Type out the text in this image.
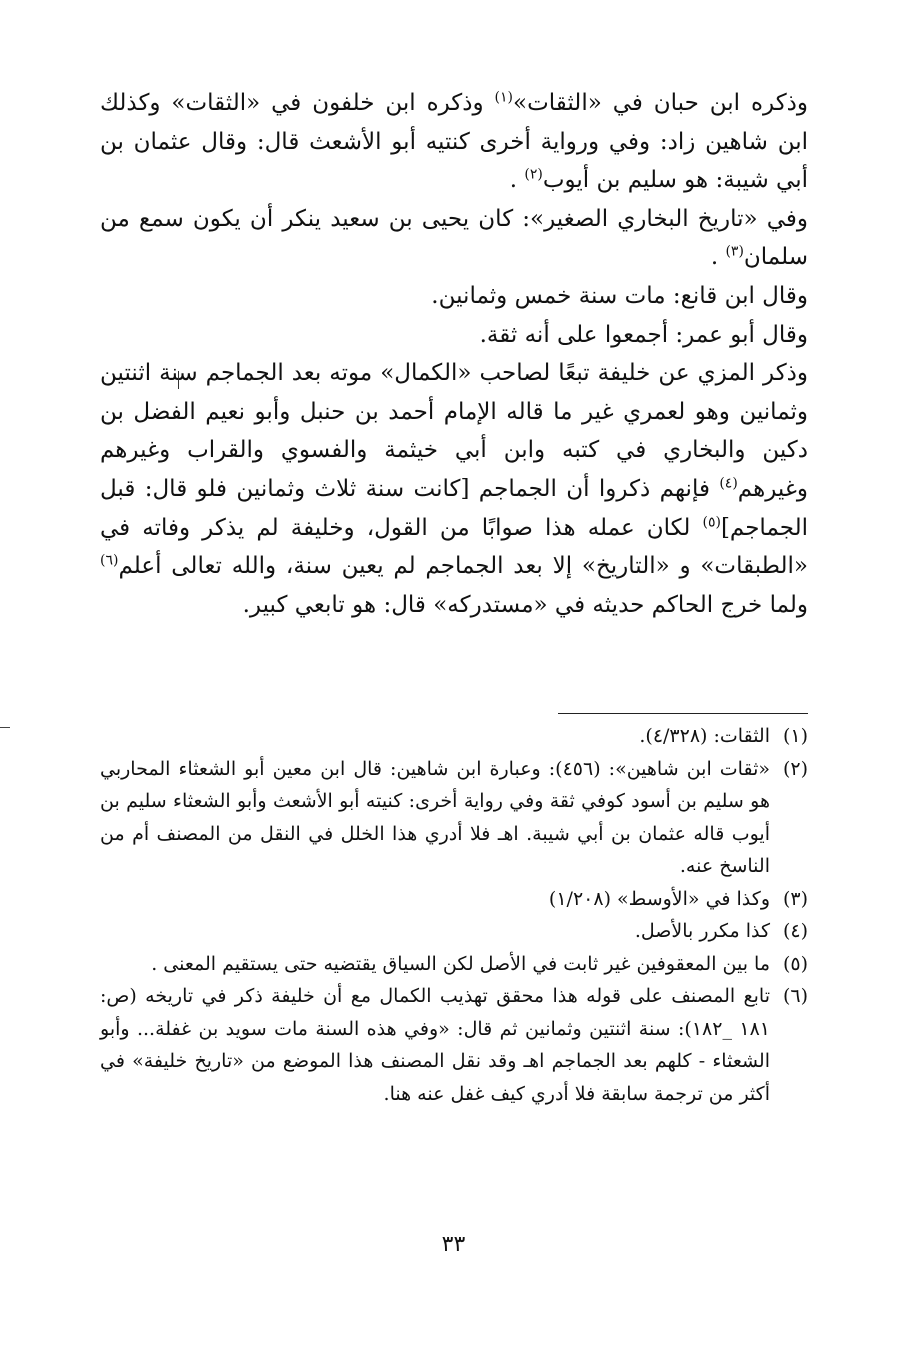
وذكره ابن حبان في «الثقات»$^{(١)}$ وذكره ابن خلفون في «الثقات» وكذلك ابن شاهين زاد: وفي ورواية أخرى كنتيه أبو الأشعث قال: وقال عثمان بن أبي شيبة: هو سليم بن أيوب$^{(٢)}$ .

وفي «تاريخ البخاري الصغير»: كان يحيى بن سعيد ينكر أن يكون سمع من سلمان$^{(٣)}$ .

وقال ابن قانع: مات سنة خمس وثمانين.

وقال أبو عمر: أجمعوا على أنه ثقة.

وذكر المزي عن خليفة تبعًا لصاحب «الكمال» موته بعد الجماجم سنة اثنتين وثمانين وهو لعمري غير ما قاله الإمام أحمد بن حنبل وأبو نعيم الفضل بن دكين والبخاري في كتبه وابن أبي خيثمة والفسوي والقراب وغيرهم وغيرهم$^{(٤)}$ فإنهم ذكروا أن الجماجم [كانت سنة ثلاث وثمانين فلو قال: قبل الجماجم]$^{(٥)}$ لكان عمله هذا صوابًا من القول، وخليفة لم يذكر وفاته في «الطبقات» و «التاريخ» إلا بعد الجماجم لم يعين سنة، والله تعالى أعلم$^{(٦)}$ ولما خرج الحاكم حديثه في «مستدركه» قال: هو تابعي كبير.

(١)
الثقات: (٤/٣٢٨).

(٢)
«ثقات ابن شاهين»: (٤٥٦): وعبارة ابن شاهين: قال ابن معين أبو الشعثاء المحاربي هو سليم بن أسود كوفي ثقة وفي رواية أخرى: كنيته أبو الأشعث وأبو الشعثاء سليم بن أيوب قاله عثمان بن أبي شيبة. اهـ فلا أدري هذا الخلل في النقل من المصنف أم من الناسخ عنه.

(٣)
وكذا في «الأوسط» (١/٢٠٨)

(٤)
كذا مكرر بالأصل.

(٥)
ما بين المعقوفين غير ثابت في الأصل لكن السياق يقتضيه حتى يستقيم المعنى .

(٦)
تابع المصنف على قوله هذا محقق تهذيب الكمال مع أن خليفة ذكر في تاريخه (ص: ١٨١ _١٨٢): سنة اثنتين وثمانين ثم قال: «وفي هذه السنة مات سويد بن غفلة... وأبو الشعثاء - كلهم بعد الجماجم اهـ وقد نقل المصنف هذا الموضع من «تاريخ خليفة» في أكثر من ترجمة سابقة فلا أدري كيف غفل عنه هنا.

٣٣
